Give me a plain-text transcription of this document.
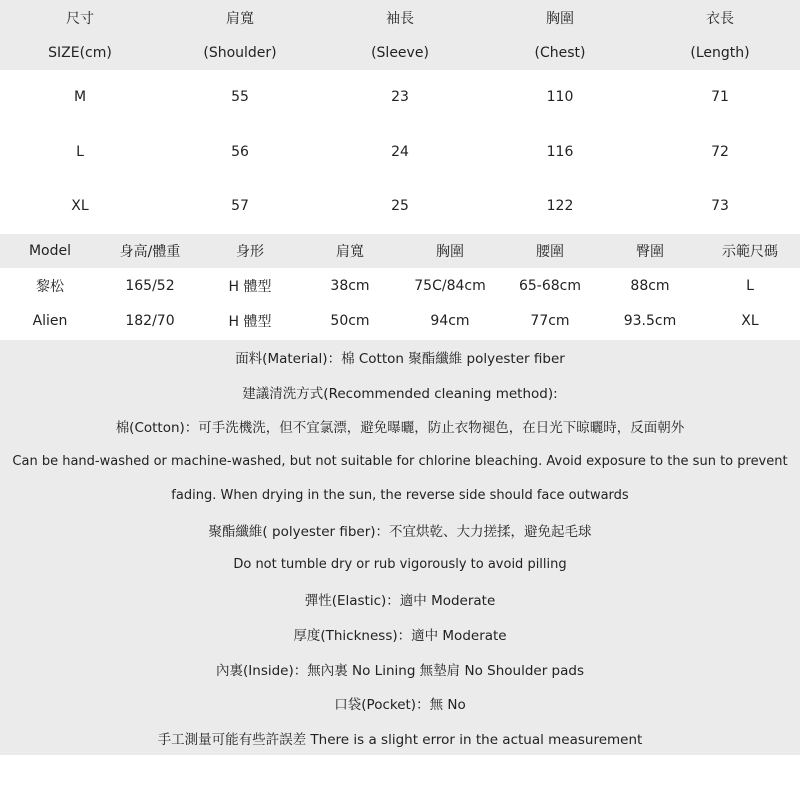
尺寸	肩寬	袖長	胸圍	衣長
SIZE(cm)	(Shoulder)	(Sleeve)	(Chest)	(Length)
M	55	23	110	71
L	56	24	116	72
XL	57	25	122	73
Model	身高/體重	身形	肩寬	胸圍	腰圍	臀圍	示範尺碼
黎松	165/52	H 體型	38cm	75C/84cm	65-68cm	88cm	L
Alien	182/70	H 體型	50cm	94cm	77cm	93.5cm	XL
面料(Material)：棉 Cotton 聚酯纖維 polyester fiber
建議清洗方式(Recommended cleaning method):
棉(Cotton)：可手洗機洗，但不宜氯漂，避免曝曬，防止衣物褪色，在日光下晾曬時，反面朝外
Can be hand-washed or machine-washed, but not suitable for chlorine bleaching. Avoid exposure to the sun to prevent
fading. When drying in the sun, the reverse side should face outwards
聚酯纖維( polyester fiber)：不宜烘乾、大力搓揉，避免起毛球
Do not tumble dry or rub vigorously to avoid pilling
彈性(Elastic)：適中 Moderate
厚度(Thickness)：適中 Moderate
內裏(Inside)：無內裏 No Lining 無墊肩 No Shoulder pads
口袋(Pocket)：無 No
手工測量可能有些許誤差 There is a slight error in the actual measurement
